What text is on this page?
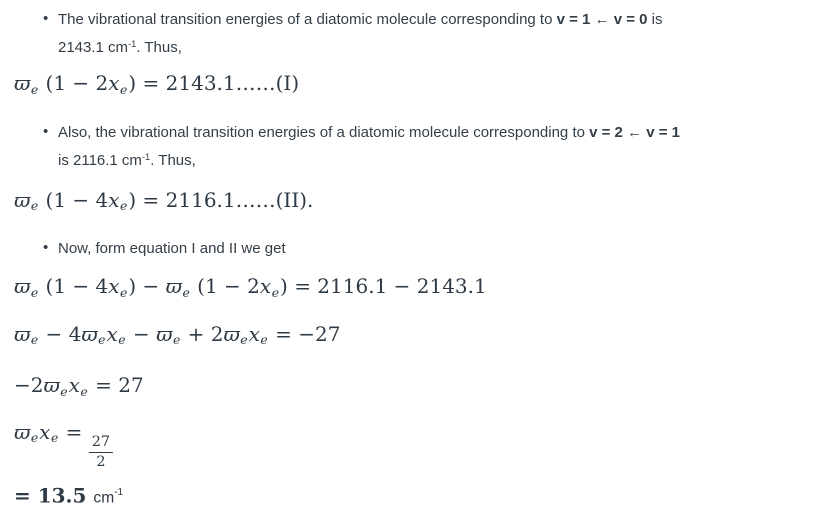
• The vibrational transition energies of a diatomic molecule corresponding to v = 1 ← v = 0 is
2143.1 $cm^{-1}$. Thus,
ϖe (1 − 2xe) = 2143.1……(I)
• Also, the vibrational transition energies of a diatomic molecule corresponding to v = 2 ← v = 1
is 2116.1 $cm^{-1}$. Thus,
ϖe (1 − 4xe) = 2116.1……(II).
• Now, form equation I and II we get
ϖe (1 − 4xe) − ϖe (1 − 2xe) = 2116.1 − 2143.1
ϖe − 4ϖexe − ϖe + 2ϖexe = −27
−2ϖexe = 27
ϖexe =
$\frac{27}{2}$
= 13.5 $cm^{-1}$
